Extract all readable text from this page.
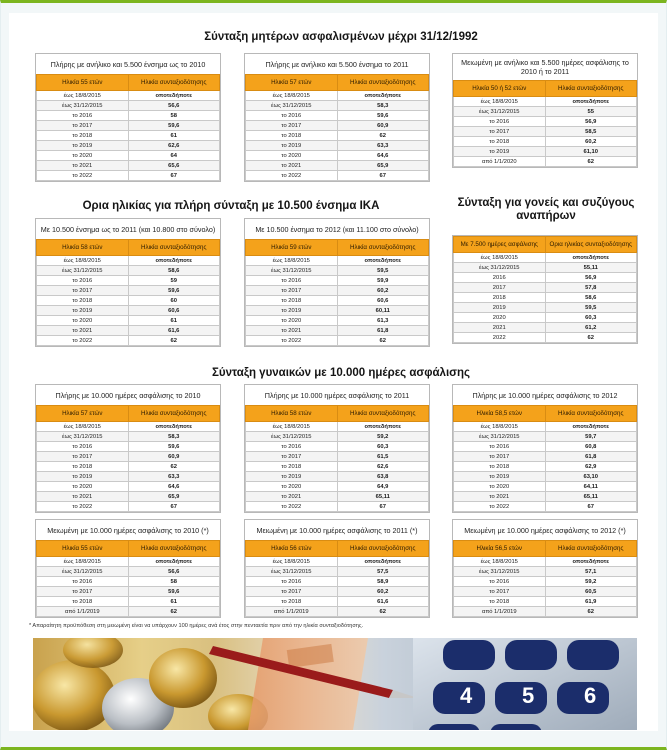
Σύνταξη μητέρων ασφαλισμένων μέχρι 31/12/1992
Ορια ηλικίας για πλήρη σύνταξη με 10.500 ένσημα ΙΚΑ	Σύνταξη για γονείς και συζύγους αναπήρων
Σύνταξη γυναικών με 10.000 ημέρες ασφάλισης
Πλήρης με ανήλικο και 5.500 ένσημα ως το 2010
Ηλικία 55 ετών	Ηλικία συνταξιοδότησης
έως 18/8/2015	οποτεδήποτε
έως 31/12/2015	56,6
το 2016	58
το 2017	59,6
το 2018	61
το 2019	62,6
το 2020	64
το 2021	65,6
το 2022	67
Πλήρης με ανήλικο και 5.500 ένσημα το 2011
Ηλικία 57 ετών	Ηλικία συνταξιοδότησης
έως 18/8/2015	οποτεδήποτε
έως 31/12/2015	58,3
το 2016	59,6
το 2017	60,9
το 2018	62
το 2019	63,3
το 2020	64,6
το 2021	65,9
το 2022	67
Μειωμένη με ανήλικο και 5.500 ημέρες ασφάλισης το 2010 ή το 2011
Ηλικία 50 ή 52 ετών	Ηλικία συνταξιοδότησης
έως 18/8/2015	οποτεδήποτε
έως 31/12/2015	55
το 2016	56,9
το 2017	58,5
το 2018	60,2
το 2019	61,10
από 1/1/2020	62
Με 10.500 ένσημα ως το 2011 (και 10.800 στο σύνολο)
Ηλικία 58 ετών	Ηλικία συνταξιοδότησης
έως 18/8/2015	οποτεδήποτε
έως 31/12/2015	58,6
το 2016	59
το 2017	59,6
το 2018	60
το 2019	60,6
το 2020	61
το 2021	61,6
το 2022	62
Με 10.500 ένσημα το 2012 (και 11.100 στο σύνολο)
Ηλικία 59 ετών	Ηλικία συνταξιοδότησης
έως 18/8/2015	οποτεδήποτε
έως 31/12/2015	59,5
το 2016	59,9
το 2017	60,2
το 2018	60,6
το 2019	60,11
το 2020	61,3
το 2021	61,8
το 2022	62
Με 7.500 ημέρες ασφάλισης	Ορια ηλικίας συνταξιοδότησης
έως 18/8/2015	οποτεδήποτε
έως 31/12/2015	55,11
2016	56,9
2017	57,8
2018	58,6
2019	59,5
2020	60,3
2021	61,2
2022	62
Πλήρης με 10.000 ημέρες ασφάλισης το 2010
Ηλικία 57 ετών	Ηλικία συνταξιοδότησης
έως 18/8/2015	οποτεδήποτε
έως 31/12/2015	58,3
το 2016	59,6
το 2017	60,9
το 2018	62
το 2019	63,3
το 2020	64,6
το 2021	65,9
το 2022	67
Πλήρης με 10.000 ημέρες ασφάλισης το 2011
Ηλικία 58 ετών	Ηλικία συνταξιοδότησης
έως 18/8/2015	οποτεδήποτε
έως 31/12/2015	59,2
το 2016	60,3
το 2017	61,5
το 2018	62,6
το 2019	63,8
το 2020	64,9
το 2021	65,11
το 2022	67
Πλήρης με 10.000 ημέρες ασφάλισης το 2012
Ηλικία 58,5 ετών	Ηλικία συνταξιοδότησης
έως 18/8/2015	οποτεδήποτε
έως 31/12/2015	59,7
το 2016	60,8
το 2017	61,8
το 2018	62,9
το 2019	63,10
το 2020	64,11
το 2021	65,11
το 2022	67
Μειωμένη με 10.000 ημέρες ασφάλισης το 2010 (*)
Ηλικία 55 ετών	Ηλικία συνταξιοδότησης
έως 18/8/2015	οποτεδήποτε
έως 31/12/2015	56,6
το 2016	58
το 2017	59,6
το 2018	61
από 1/1/2019	62
Μειωμένη με 10.000 ημέρες ασφάλισης το 2011 (*)
Ηλικία 56 ετών	Ηλικία συνταξιοδότησης
έως 18/8/2015	οποτεδήποτε
έως 31/12/2015	57,5
το 2016	58,9
το 2017	60,2
το 2018	61,6
από 1/1/2019	62
Μειωμένη με 10.000 ημέρες ασφάλισης το 2012 (*)
Ηλικία 56,5 ετών	Ηλικία συνταξιοδότησης
έως 18/8/2015	οποτεδήποτε
έως 31/12/2015	57,1
το 2016	59,2
το 2017	60,5
το 2018	61,9
από 1/1/2019	62
* Απαραίτητη προϋπόθεση στη μειωμένη είναι να υπάρχουν 100 ημέρες ανά έτος στην πενταετία πριν από την ηλικία συνταξιοδότησης.
4 5 6
